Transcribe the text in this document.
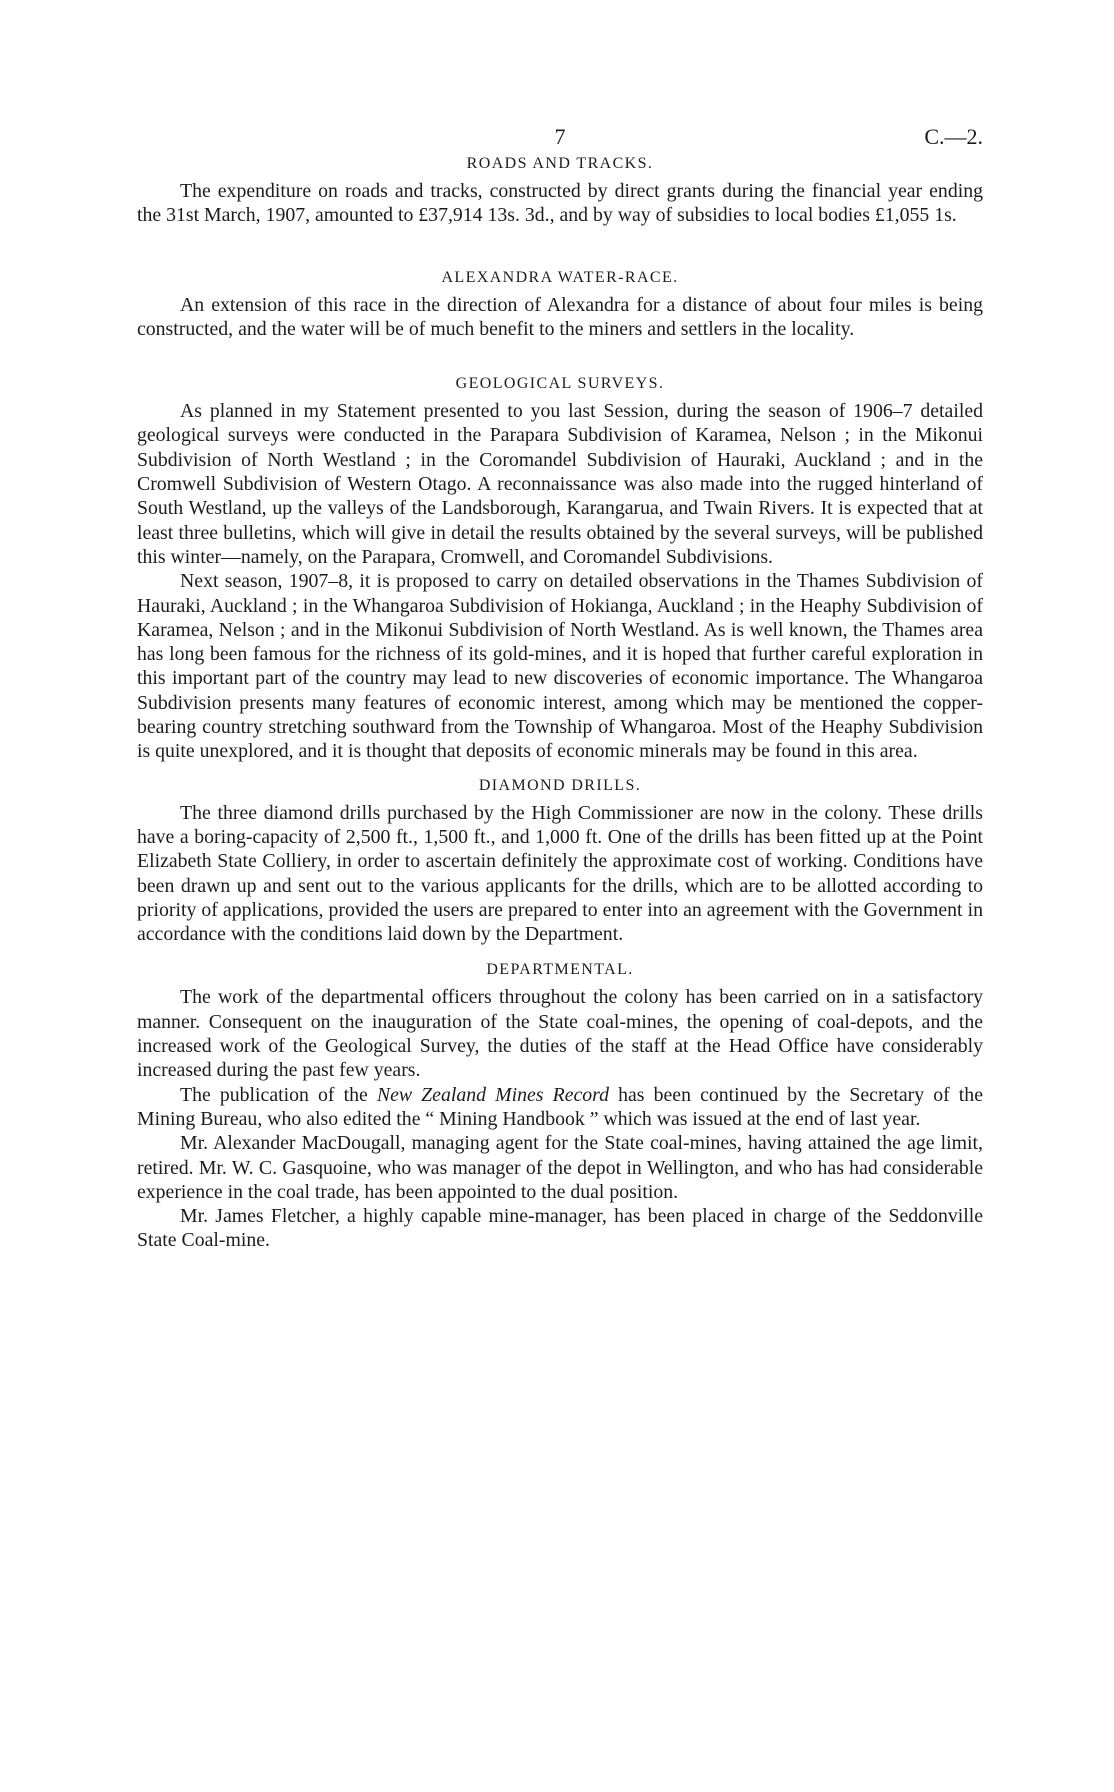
7	C.—2.
ROADS AND TRACKS.

The expenditure on roads and tracks, constructed by direct grants during the financial year ending the 31st March, 1907, amounted to £37,914 13s. 3d., and by way of subsidies to local bodies £1,055 1s.

ALEXANDRA WATER-RACE.

An extension of this race in the direction of Alexandra for a distance of about four miles is being constructed, and the water will be of much benefit to the miners and settlers in the locality.

GEOLOGICAL SURVEYS.

As planned in my Statement presented to you last Session, during the season of 1906–7 detailed geological surveys were conducted in the Parapara Subdivision of Karamea, Nelson ; in the Mikonui Subdivision of North Westland ; in the Coromandel Subdivision of Hauraki, Auckland ; and in the Cromwell Subdivision of Western Otago. A reconnaissance was also made into the rugged hinterland of South Westland, up the valleys of the Landsborough, Karangarua, and Twain Rivers. It is expected that at least three bulletins, which will give in detail the results obtained by the several surveys, will be published this winter—namely, on the Parapara, Cromwell, and Coromandel Subdivisions.

Next season, 1907–8, it is proposed to carry on detailed observations in the Thames Subdivision of Hauraki, Auckland ; in the Whangaroa Subdivision of Hokianga, Auckland ; in the Heaphy Subdivision of Karamea, Nelson ; and in the Mikonui Subdivision of North Westland. As is well known, the Thames area has long been famous for the richness of its gold-mines, and it is hoped that further careful exploration in this important part of the country may lead to new discoveries of economic importance. The Whangaroa Subdivision presents many features of economic interest, among which may be mentioned the copper-bearing country stretching southward from the Township of Whangaroa. Most of the Heaphy Subdivision is quite unexplored, and it is thought that deposits of economic minerals may be found in this area.

DIAMOND DRILLS.

The three diamond drills purchased by the High Commissioner are now in the colony. These drills have a boring-capacity of 2,500 ft., 1,500 ft., and 1,000 ft. One of the drills has been fitted up at the Point Elizabeth State Colliery, in order to ascertain definitely the approximate cost of working. Conditions have been drawn up and sent out to the various applicants for the drills, which are to be allotted according to priority of applications, provided the users are prepared to enter into an agreement with the Government in accordance with the conditions laid down by the Department.

DEPARTMENTAL.

The work of the departmental officers throughout the colony has been carried on in a satisfactory manner. Consequent on the inauguration of the State coal-mines, the opening of coal-depots, and the increased work of the Geological Survey, the duties of the staff at the Head Office have considerably increased during the past few years.

The publication of the New Zealand Mines Record has been continued by the Secretary of the Mining Bureau, who also edited the “ Mining Handbook ” which was issued at the end of last year.

Mr. Alexander MacDougall, managing agent for the State coal-mines, having attained the age limit, retired. Mr. W. C. Gasquoine, who was manager of the depot in Wellington, and who has had considerable experience in the coal trade, has been appointed to the dual position.

Mr. James Fletcher, a highly capable mine-manager, has been placed in charge of the Seddonville State Coal-mine.
